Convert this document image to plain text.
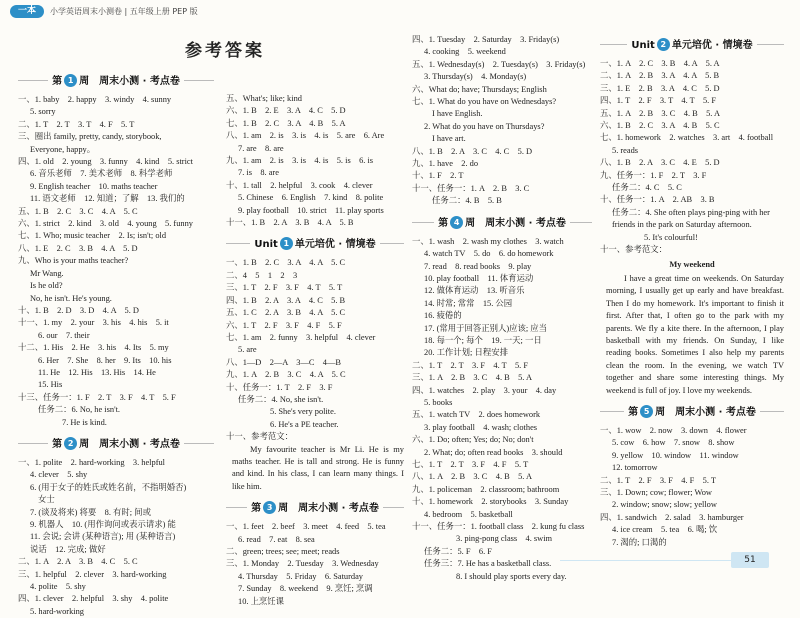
一本	小学英语周末小测卷 | 五年级上册 PEP 版
参考答案
第 1 周　周末小测 · 考点卷
一、1. baby　2. happy　3. windy　4. sunny
5. sorry
二、1. T　2. T　3. T　4. F　5. T
三、圈出 family, pretty, candy, storybook,
Everyone, happy。
四、1. old　2. young　3. funny　4. kind　5. strict
6. 音乐老师　7. 美术老师　8. 科学老师
9. English teacher　10. maths teacher
11. 语文老师　12. 知道；了解　13. 我们的
五、1. B　2. C　3. C　4. A　5. C
六、1. strict　2. kind　3. old　4. young　5. funny
七、1. Who; music teacher　2. Is; isn't; old
八、1. E　2. C　3. B　4. A　5. D
九、Who is your maths teacher?
Mr Wang.
Is he old?
No, he isn't. He's young.
十、1. B　2. D　3. D　4. A　5. D
十一、1. my　2. your　3. his　4. his　5. it
6. our　7. their
十二、1. His　2. He　3. his　4. Its　5. my
6. Her　7. She　8. her　9. Its　10. his
11. He　12. His　13. His　14. He
15. His
十三、任务一：1. F　2. T　3. F　4. T　5. F
任务二：6. No, he isn't.
7. He is kind.
第 2 周　周末小测 · 考点卷
一、1. polite　2. hard-working　3. helpful
4. clever　5. shy
6. (用于女子的姓氏或姓名前，不指明婚否)
女士
7. (谈及将来) 将要　8. 有时; 间或
9. 机器人　10. (用作询问或表示请求) 能
11. 会说; 会讲 (某种语言); 用 (某种语言)
说话　12. 完成; 做好
二、1. A　2. A　3. B　4. C　5. C
三、1. helpful　2. clever　3. hard-working
4. polite　5. shy
四、1. clever　2. helpful　3. shy　4. polite
5. hard-working
五、What's; like; kind
六、1. B　2. E　3. A　4. C　5. D
七、1. B　2. C　3. A　4. B　5. A
八、1. am　2. is　3. is　4. is　5. are　6. Are
7. are　8. are
九、1. am　2. is　3. is　4. is　5. is　6. is
7. is　8. are
十、1. tall　2. helpful　3. cook　4. clever
5. Chinese　6. English　7. kind　8. polite
9. play football　10. strict　11. play sports
十一、1. B　2. A　3. B　4. A　5. B
Unit 1 单元培优 · 情境卷
一、1. B　2. C　3. A　4. A　5. C
二、4　5　1　2　3
三、1. T　2. F　3. F　4. T　5. T
四、1. B　2. A　3. A　4. C　5. B
五、1. C　2. A　3. B　4. A　5. C
六、1. T　2. F　3. F　4. F　5. F
七、1. am　2. funny　3. helpful　4. clever
5. are
八、1—D　2—A　3—C　4—B
九、1. A　2. B　3. C　4. A　5. C
十、任务一：1. T　2. F　3. F
任务二：4. No, she isn't.
5. She's very polite.
6. He's a PE teacher.
十一、参考范文：
My favourite teacher is Mr Li. He is my maths teacher. He is tall and strong. He is funny and kind. In his class, I can learn many things. I like him.
第 3 周　周末小测 · 考点卷
一、1. feet　2. beef　3. meet　4. feed　5. tea
6. read　7. eat　8. sea
二、green; trees; see; meet; reads
三、1. Monday　2. Tuesday　3. Wednesday
4. Thursday　5. Friday　6. Saturday
7. Sunday　8. weekend　9. 烹饪; 烹调
10. 上烹饪课
四、1. Tuesday　2. Saturday　3. Friday(s)
4. cooking　5. weekend
五、1. Wednesday(s)　2. Tuesday(s)　3. Friday(s)
3. Thursday(s)　4. Monday(s)
六、What do; have; Thursdays; English
七、1. What do you have on Wednesdays?
I have English.
2. What do you have on Thursdays?
I have art.
八、1. B　2. A　3. C　4. C　5. D
九、1. have　2. do
十、1. F　2. T
十一、任务一：1. A　2. B　3. C
任务二：4. B　5. B
第 4 周　周末小测 · 考点卷
一、1. wash　2. wash my clothes　3. watch
4. watch TV　5. do　6. do homework
7. read　8. read books　9. play
10. play football　11. 体育运动
12. 做体育运动　13. 听音乐
14. 时常; 常常　15. 公园
16. 疲倦的
17. (常用于回答正别人)应该; 应当
18. 每一个; 每个　19. 一天; 一日
20. 工作计划; 日程安排
二、1. T　2. T　3. F　4. T　5. F
三、1. A　2. B　3. C　4. B　5. A
四、1. watches　2. play　3. your　4. day
5. books
五、1. watch TV　2. does homework
3. play football　4. wash; clothes
六、1. Do; often; Yes; do; No; don't
2. What; do; often read books　3. should
七、1. T　2. T　3. F　4. F　5. T
八、1. A　2. B　3. C　4. B　5. A
九、1. policeman　2. classroom; bathroom
十、1. homework　2. storybooks　3. Sunday
4. bedroom　5. basketball
十一、任务一：1. football class　2. kung fu class
3. ping-pong class　4. swim
任务二：5. F　6. F
任务三：7. He has a basketball class.
8. I should play sports every day.
Unit 2 单元培优 · 情境卷
一、1. A　2. C　3. B　4. A　5. A
二、1. A　2. B　3. A　4. A　5. B
三、1. E　2. B　3. A　4. C　5. D
四、1. T　2. F　3. T　4. T　5. F
五、1. A　2. B　3. C　4. B　5. A
六、1. B　2. C　3. A　4. B　5. C
七、1. homework　2. watches　3. art　4. football
5. reads
八、1. B　2. A　3. C　4. E　5. D
九、任务一：1. F　2. T　3. F
任务二：4. C　5. C
十、任务一：1. A　2. AB　3. B
任务二：4. She often plays ping-ping with her friends in the park on Saturday afternoon.
5. It's colourful!
十一、参考范文：
My weekend
I have a great time on weekends. On Saturday morning, I usually get up early and have breakfast. Then I do my homework. It's important to finish it first. After that, I often go to the park with my parents. We fly a kite there. In the afternoon, I play basketball with my friends. On Sunday, I like reading books. Sometimes I also help my parents clean the room. In the evening, we watch TV together and share some interesting things. My weekend is full of joy. I love my weekends.
第 5 周　周末小测 · 考点卷
一、1. wow　2. now　3. down　4. flower
5. cow　6. how　7. snow　8. show
9. yellow　10. window　11. window
12. tomorrow
二、1. T　2. F　3. F　4. F　5. T
三、1. Down; cow; flower; Wow
2. window; snow; slow; yellow
四、1. sandwich　2. salad　3. hamburger
4. ice cream　5. tea　6. 喝; 饮
7. 渴的; 口渴的
51
